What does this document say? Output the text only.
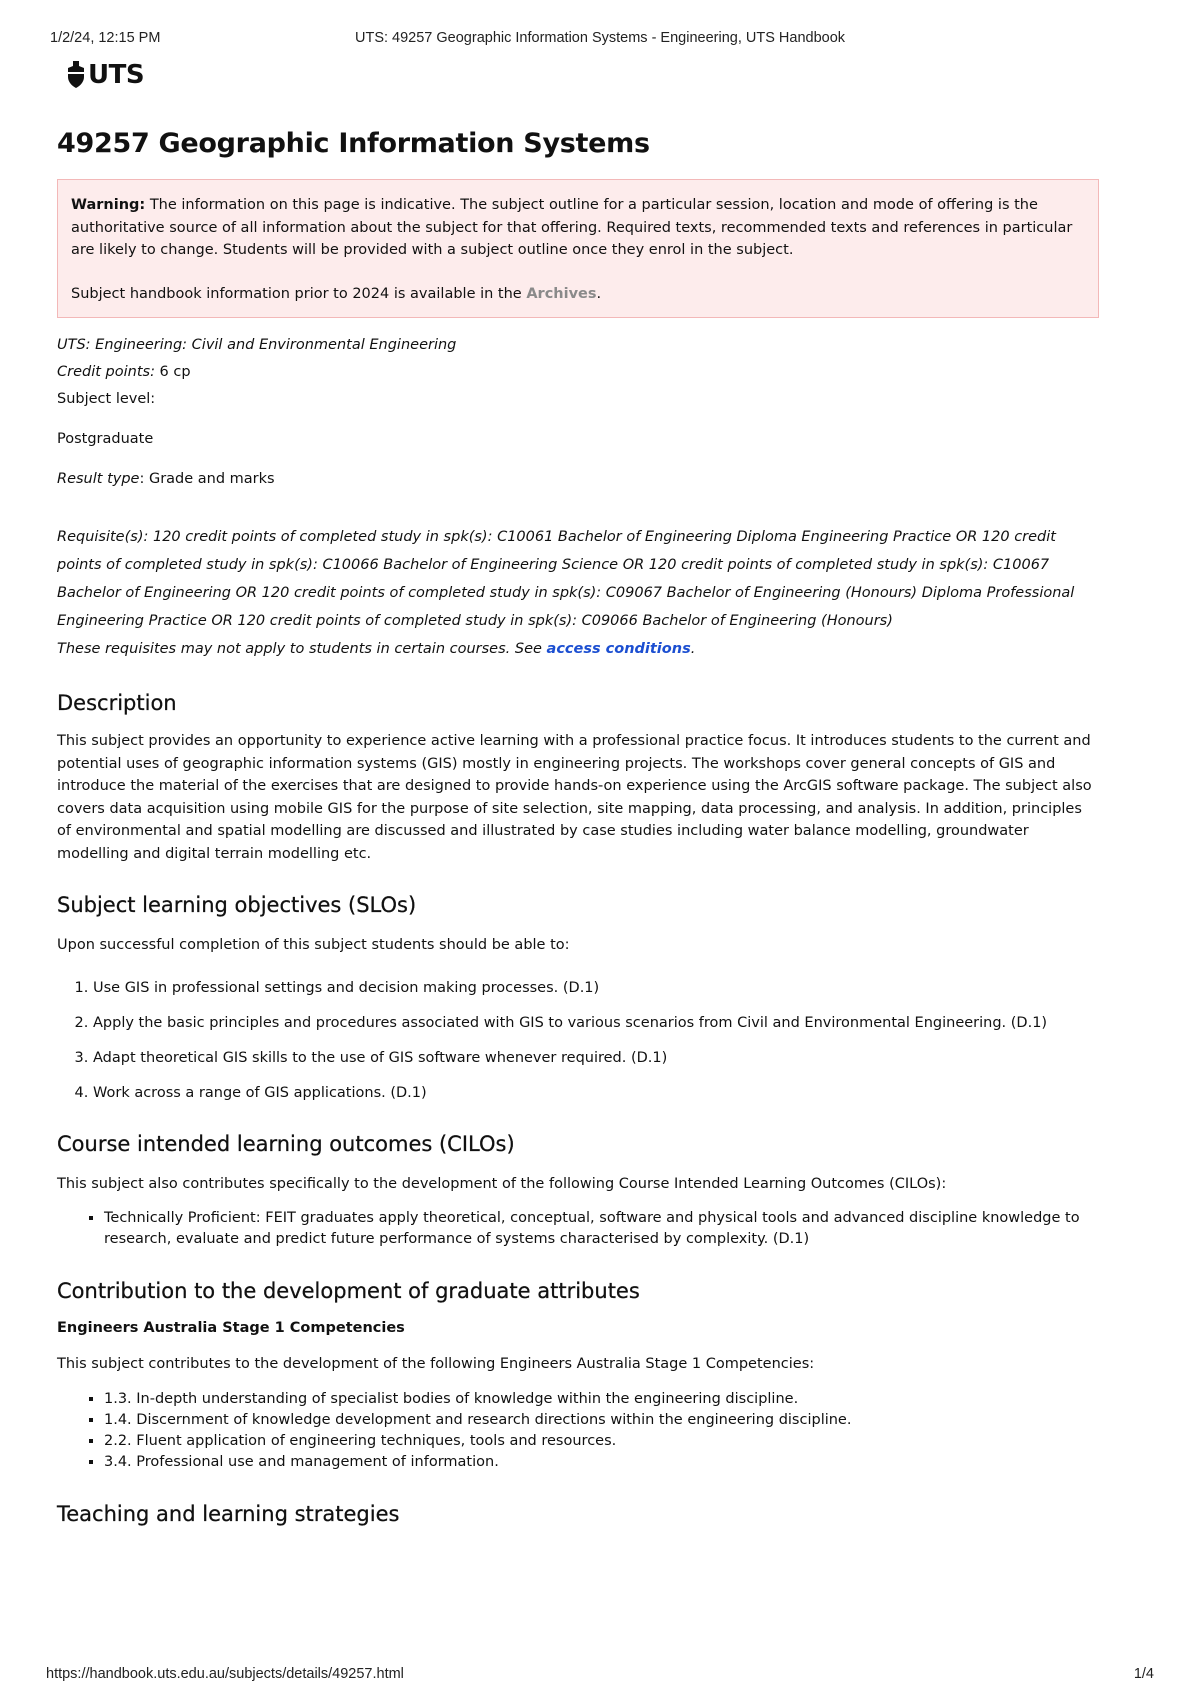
1/2/24, 12:15 PM	UTS: 49257 Geographic Information Systems - Engineering, UTS Handbook
UTS
49257 Geographic Information Systems

Warning: The information on this page is indicative. The subject outline for a particular session, location and mode of offering is the authoritative source of all information about the subject for that offering. Required texts, recommended texts and references in particular are likely to change. Students will be provided with a subject outline once they enrol in the subject.

Subject handbook information prior to 2024 is available in the Archives.

UTS: Engineering: Civil and Environmental Engineering
Credit points: 6 cp
Subject level:
Postgraduate
Result type: Grade and marks
Requisite(s): 120 credit points of completed study in spk(s): C10061 Bachelor of Engineering Diploma Engineering Practice OR 120 credit points of completed study in spk(s): C10066 Bachelor of Engineering Science OR 120 credit points of completed study in spk(s): C10067 Bachelor of Engineering OR 120 credit points of completed study in spk(s): C09067 Bachelor of Engineering (Honours) Diploma Professional Engineering Practice OR 120 credit points of completed study in spk(s): C09066 Bachelor of Engineering (Honours)
These requisites may not apply to students in certain courses. See access conditions.
Description

This subject provides an opportunity to experience active learning with a professional practice focus. It introduces students to the current and potential uses of geographic information systems (GIS) mostly in engineering projects. The workshops cover general concepts of GIS and introduce the material of the exercises that are designed to provide hands-on experience using the ArcGIS software package. The subject also covers data acquisition using mobile GIS for the purpose of site selection, site mapping, data processing, and analysis. In addition, principles of environmental and spatial modelling are discussed and illustrated by case studies including water balance modelling, groundwater modelling and digital terrain modelling etc.

Subject learning objectives (SLOs)

Upon successful completion of this subject students should be able to:

1. Use GIS in professional settings and decision making processes. (D.1)
2. Apply the basic principles and procedures associated with GIS to various scenarios from Civil and Environmental Engineering. (D.1)
3. Adapt theoretical GIS skills to the use of GIS software whenever required. (D.1)
4. Work across a range of GIS applications. (D.1)
Course intended learning outcomes (CILOs)

This subject also contributes specifically to the development of the following Course Intended Learning Outcomes (CILOs):

▪ Technically Proficient: FEIT graduates apply theoretical, conceptual, software and physical tools and advanced discipline knowledge to research, evaluate and predict future performance of systems characterised by complexity. (D.1)
Contribution to the development of graduate attributes
Engineers Australia Stage 1 Competencies

This subject contributes to the development of the following Engineers Australia Stage 1 Competencies:

▪ 1.3. In-depth understanding of specialist bodies of knowledge within the engineering discipline.
▪ 1.4. Discernment of knowledge development and research directions within the engineering discipline.
▪ 2.2. Fluent application of engineering techniques, tools and resources.
▪ 3.4. Professional use and management of information.
Teaching and learning strategies
https://handbook.uts.edu.au/subjects/details/49257.html	1/4
